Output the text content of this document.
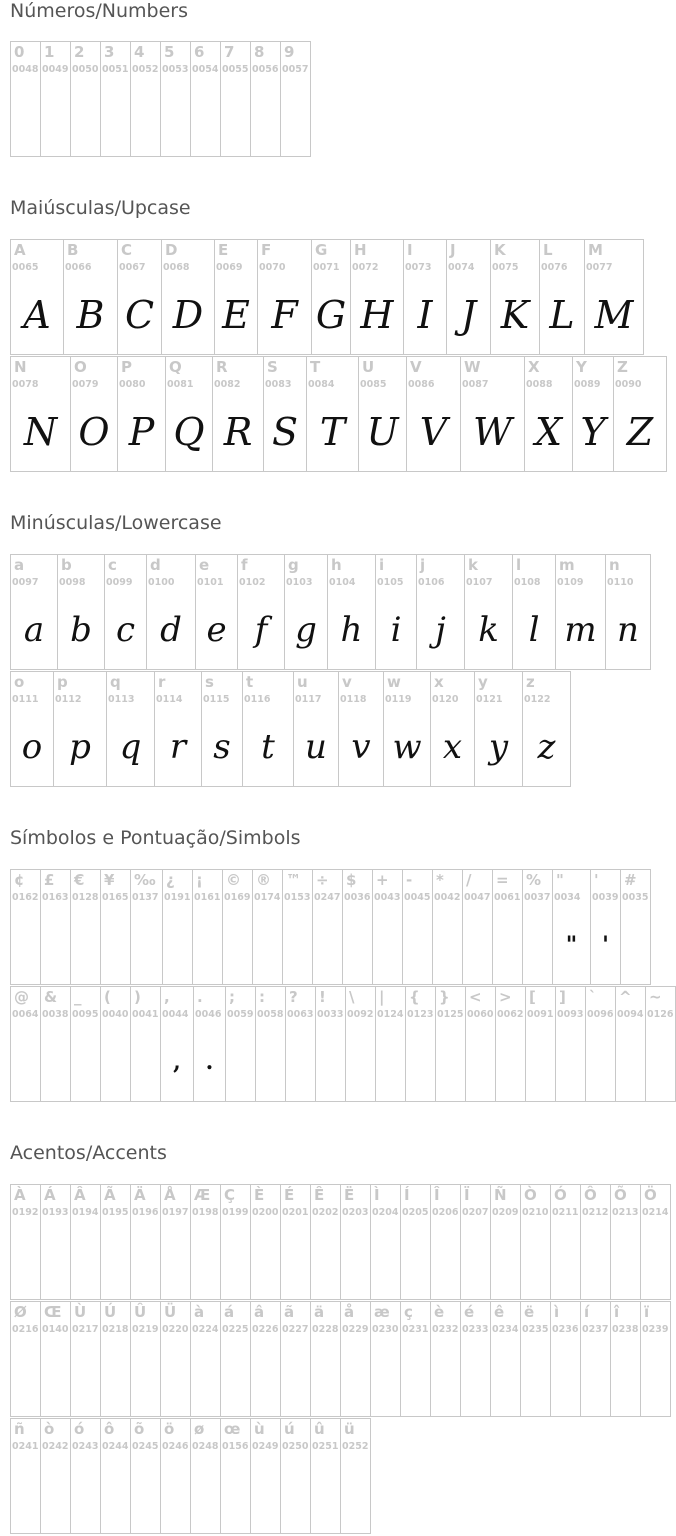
Números/Numbers
0
0048
1
0049
2
0050
3
0051
4
0052
5
0053
6
0054
7
0055
8
0056
9
0057
Maiúsculas/Upcase
A
0065
A
B
0066
B
C
0067
C
D
0068
D
E
0069
E
F
0070
F
G
0071
G
H
0072
H
I
0073
I
J
0074
J
K
0075
K
L
0076
L
M
0077
M
N
0078
N
O
0079
O
P
0080
P
Q
0081
Q
R
0082
R
S
0083
S
T
0084
T
U
0085
U
V
0086
V
W
0087
W
X
0088
X
Y
0089
Y
Z
0090
Z
Minúsculas/Lowercase
a
0097
a
b
0098
b
c
0099
c
d
0100
d
e
0101
e
f
0102
f
g
0103
g
h
0104
h
i
0105
i
j
0106
j
k
0107
k
l
0108
l
m
0109
m
n
0110
n
o
0111
o
p
0112
p
q
0113
q
r
0114
r
s
0115
s
t
0116
t
u
0117
u
v
0118
v
w
0119
w
x
0120
x
y
0121
y
z
0122
z
Símbolos e Pontuação/Simbols
¢
0162
£
0163
€
0128
¥
0165
‰
0137
¿
0191
¡
0161
©
0169
®
0174
™
0153
÷
0247
$
0036
+
0043
-
0045
*
0042
/
0047
=
0061
%
0037
"
0034
"
'
0039
'
#
0035
@
0064
&
0038
_
0095
(
0040
)
0041
,
0044
,
.
0046
.
;
0059
:
0058
?
0063
!
0033
\
0092
|
0124
{
0123
}
0125
<
0060
>
0062
[
0091
]
0093
`
0096
^
0094
~
0126
Acentos/Accents
À
0192
Á
0193
Â
0194
Ã
0195
Ä
0196
Å
0197
Æ
0198
Ç
0199
È
0200
É
0201
Ê
0202
Ë
0203
Ì
0204
Í
0205
Î
0206
Ï
0207
Ñ
0209
Ò
0210
Ó
0211
Ô
0212
Õ
0213
Ö
0214
Ø
0216
Œ
0140
Ù
0217
Ú
0218
Û
0219
Ü
0220
à
0224
á
0225
â
0226
ã
0227
ä
0228
å
0229
æ
0230
ç
0231
è
0232
é
0233
ê
0234
ë
0235
ì
0236
í
0237
î
0238
ï
0239
ñ
0241
ò
0242
ó
0243
ô
0244
õ
0245
ö
0246
ø
0248
œ
0156
ù
0249
ú
0250
û
0251
ü
0252
